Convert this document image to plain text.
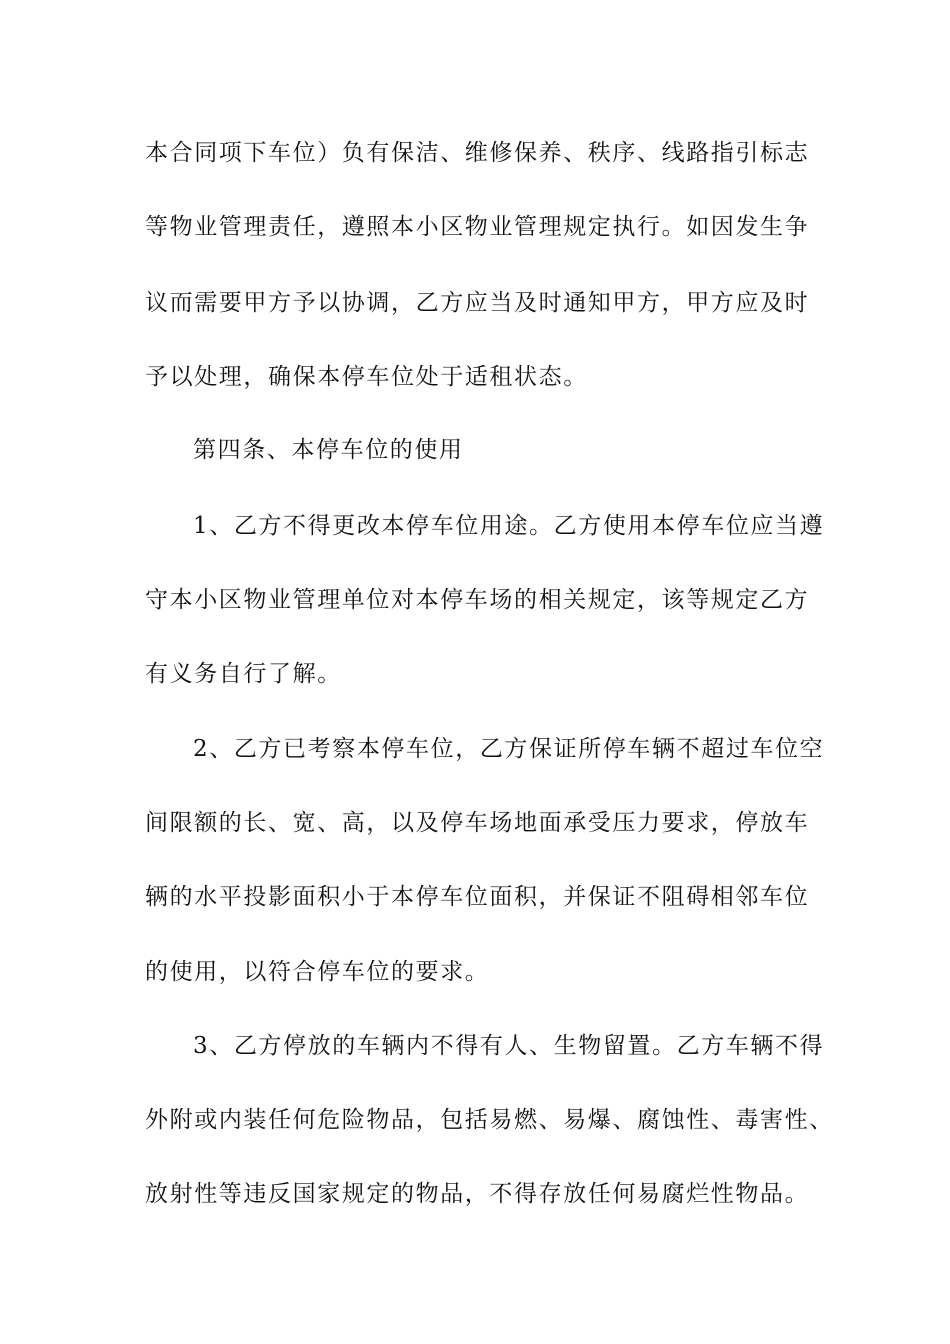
本合同项下车位）负有保洁、维修保养、秩序、线路指引标志
等物业管理责任，遵照本小区物业管理规定执行。如因发生争
议而需要甲方予以协调，乙方应当及时通知甲方，甲方应及时
予以处理，确保本停车位处于适租状态。
第四条、本停车位的使用
1、乙方不得更改本停车位用途。乙方使用本停车位应当遵
守本小区物业管理单位对本停车场的相关规定，该等规定乙方
有义务自行了解。
2、乙方已考察本停车位，乙方保证所停车辆不超过车位空
间限额的长、宽、高，以及停车场地面承受压力要求，停放车
辆的水平投影面积小于本停车位面积，并保证不阻碍相邻车位
的使用，以符合停车位的要求。
3、乙方停放的车辆内不得有人、生物留置。乙方车辆不得
外附或内装任何危险物品，包括易燃、易爆、腐蚀性、毒害性、
放射性等违反国家规定的物品，不得存放任何易腐烂性物品。
